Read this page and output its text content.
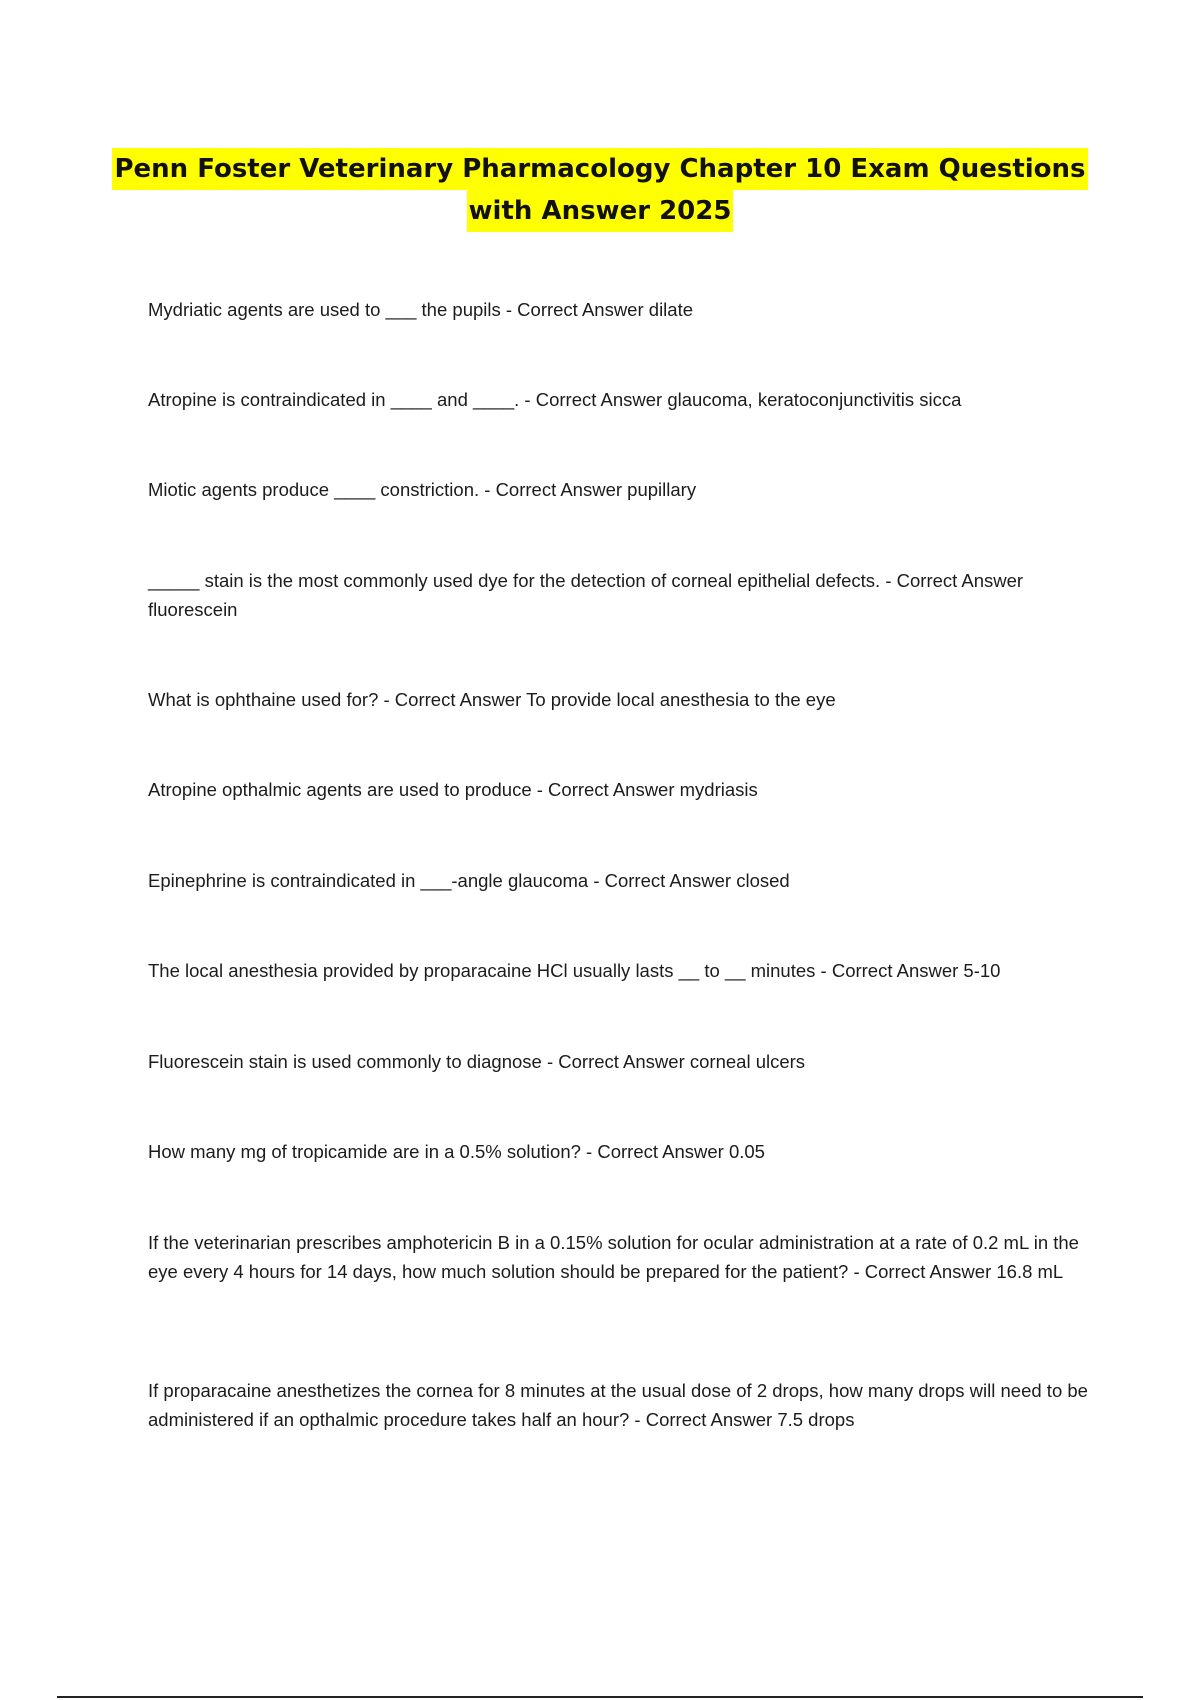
Penn Foster Veterinary Pharmacology Chapter 10 Exam Questions
with Answer 2025
Mydriatic agents are used to ___ the pupils - Correct Answer dilate
Atropine is contraindicated in ____ and ____. - Correct Answer glaucoma, keratoconjunctivitis sicca
Miotic agents produce ____ constriction. - Correct Answer pupillary
_____ stain is the most commonly used dye for the detection of corneal epithelial defects. - Correct Answer fluorescein
What is ophthaine used for? - Correct Answer To provide local anesthesia to the eye
Atropine opthalmic agents are used to produce - Correct Answer mydriasis
Epinephrine is contraindicated in ___-angle glaucoma - Correct Answer closed
The local anesthesia provided by proparacaine HCl usually lasts __ to __ minutes - Correct Answer 5-10
Fluorescein stain is used commonly to diagnose - Correct Answer corneal ulcers
How many mg of tropicamide are in a 0.5% solution? - Correct Answer 0.05
If the veterinarian prescribes amphotericin B in a 0.15% solution for ocular administration at a rate of 0.2 mL in the eye every 4 hours for 14 days, how much solution should be prepared for the patient? - Correct Answer 16.8 mL
If proparacaine anesthetizes the cornea for 8 minutes at the usual dose of 2 drops, how many drops will need to be administered if an opthalmic procedure takes half an hour? - Correct Answer 7.5 drops
